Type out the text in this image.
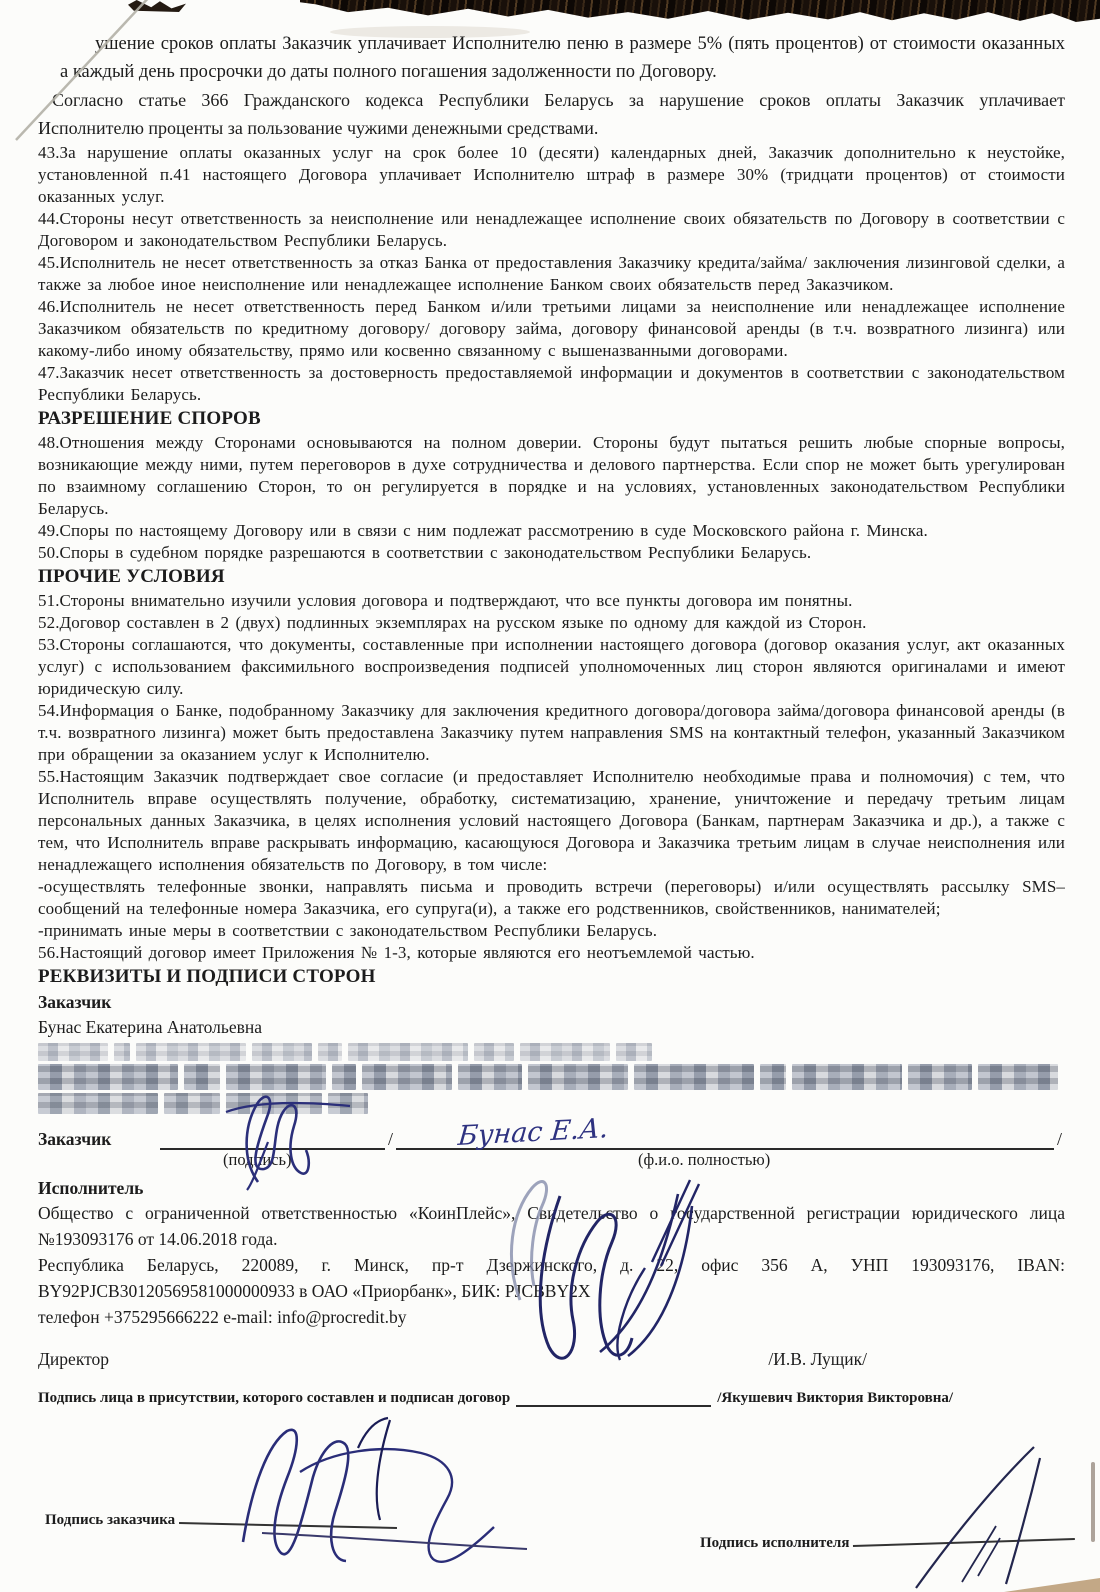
ушение сроков оплаты Заказчик уплачивает Исполнителю пеню в размере 5% (пять процентов) от стоимости оказанных
а каждый день просрочки до даты полного погашения задолженности по Договору.
Согласно статье 366 Гражданского кодекса Республики Беларусь за нарушение сроков оплаты Заказчик уплачивает
Исполнителю проценты за пользование чужими денежными средствами.

43.За нарушение оплаты оказанных услуг на срок более 10 (десяти) календарных дней, Заказчик дополнительно к неустойке, установленной п.41 настоящего Договора уплачивает Исполнителю штраф в размере 30% (тридцати процентов) от стоимости оказанных услуг.

44.Стороны несут ответственность за неисполнение или ненадлежащее исполнение своих обязательств по Договору в соответствии с Договором и законодательством Республики Беларусь.

45.Исполнитель не несет ответственность за отказ Банка от предоставления Заказчику кредита/займа/ заключения лизинговой сделки, а также за любое иное неисполнение или ненадлежащее исполнение Банком своих обязательств перед Заказчиком.

46.Исполнитель не несет ответственность перед Банком и/или третьими лицами за неисполнение или ненадлежащее исполнение Заказчиком обязательств по кредитному договору/ договору займа, договору финансовой аренды (в т.ч. возвратного лизинга) или какому-либо иному обязательству, прямо или косвенно связанному с вышеназванными договорами.

47.Заказчик несет ответственность за достоверность предоставляемой информации и документов в соответствии с законодательством Республики Беларусь.

РАЗРЕШЕНИЕ СПОРОВ

48.Отношения между Сторонами основываются на полном доверии. Стороны будут пытаться решить любые спорные вопросы, возникающие между ними, путем переговоров в духе сотрудничества и делового партнерства. Если спор не может быть урегулирован по взаимному соглашению Сторон, то он регулируется в порядке и на условиях, установленных законодательством Республики Беларусь.

49.Споры по настоящему Договору или в связи с ним подлежат рассмотрению в суде Московского района г. Минска.

50.Споры в судебном порядке разрешаются в соответствии с законодательством Республики Беларусь.

ПРОЧИЕ УСЛОВИЯ

51.Стороны внимательно изучили условия договора и подтверждают, что все пункты договора им понятны.

52.Договор составлен в 2 (двух) подлинных экземплярах на русском языке по одному для каждой из Сторон.

53.Стороны соглашаются, что документы, составленные при исполнении настоящего договора (договор оказания услуг, акт оказанных услуг) с использованием факсимильного воспроизведения подписей уполномоченных лиц сторон являются оригиналами и имеют юридическую силу.

54.Информация о Банке, подобранному Заказчику для заключения кредитного договора/договора займа/договора финансовой аренды (в т.ч. возвратного лизинга) может быть предоставлена Заказчику путем направления SMS на контактный телефон, указанный Заказчиком при обращении за оказанием услуг к Исполнителю.

55.Настоящим Заказчик подтверждает свое согласие (и предоставляет Исполнителю необходимые права и полномочия) с тем, что Исполнитель вправе осуществлять получение, обработку, систематизацию, хранение, уничтожение и передачу третьим лицам персональных данных Заказчика, в целях исполнения условий настоящего Договора (Банкам, партнерам Заказчика и др.), а также с тем, что Исполнитель вправе раскрывать информацию, касающуюся Договора и Заказчика третьим лицам в случае неисполнения или ненадлежащего исполнения обязательств по Договору, в том числе:

-осуществлять телефонные звонки, направлять письма и проводить встречи (переговоры) и/или осуществлять рассылку SMS–сообщений на телефонные номера Заказчика, его супруга(и), а также его родственников, свойственников, нанимателей;

-принимать иные меры в соответствии с законодательством Республики Беларусь.

56.Настоящий договор имеет Приложения № 1-3, которые являются его неотъемлемой частью.

РЕКВИЗИТЫ И ПОДПИСИ СТОРОН

Заказчик

Бунас Екатерина Анатольевна

Заказчик	/ Бунас Е.А.	/
(подпись)	(ф.и.о. полностью)

Исполнитель

Общество с ограниченной ответственностью «КоинПлейс», Свидетельство о государственной регистрации юридического лица
№193093176 от 14.06.2018 года.
Республика Беларусь, 220089, г. Минск, пр-т Дзержинского, д. 22, офис 356 А, УНП 193093176, IBAN:
BY92PJCB30120569581000000933 в ОАО «Приорбанк», БИК: PJCBBY2X
телефон +375295666222 e-mail: info@procredit.by
Директор	/И.В. Лущик/
Подпись лица в присутствии, которого составлен и подписан договор	/Якушевич Виктория Викторовна/
Подпись заказчика
Подпись исполнителя
